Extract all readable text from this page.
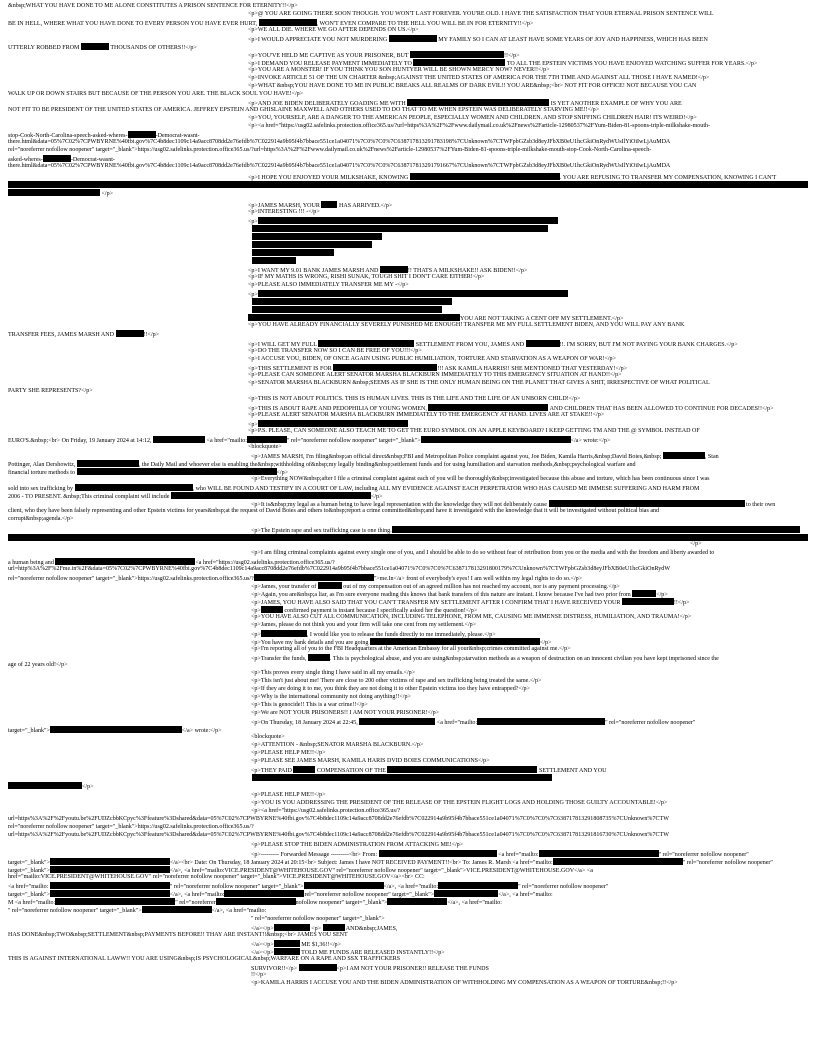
&nbsp;WHAT YOU HAVE DONE TO ME ALONE CONSTITUTES A PRISON SENTENCE FOR ETERNITY!!</p>

<p>@ YOU ARE GOING THERE SOON THOUGH. YOU WON'T LAST FOREVER. YOU'RE OLD. I HAVE THE SATISFACTION THAT YOUR ETERNAL PRISON SENTENCE WILL

BE IN HELL, WHERE WHAT YOU HAVE DONE TO EVERY PERSON YOU HAVE EVER HURT,	, WON'T EVEN COMPARE TO THE HELL YOU WILL BE IN FOR ETERNITY!!</p>

<p>WE ALL DIE. WHERE WE GO AFTER DEPENDS ON US.</p>

<p>I WOULD APPRECIATE YOU NOT MURDERING	MY FAMILY SO I CAN AT LEAST HAVE SOME YEARS OF JOY AND HAPPINESS, WHICH HAS BEEN

UTTERLY ROBBED FROM	THOUSANDS OF OTHERS!!</p>

<p>YOU'VE HELD ME CAPTIVE AS YOUR PRISONER, BUT	!!</p>

<p>I DEMAND YOU RELEASE PAYMENT IMMEDIATELY TO	TO ALL THE EPSTEIN VICTIMS YOU HAVE ENJOYED WATCHING SUFFER FOR YEARS.</p>

<p>YOU ARE A MONSTER! IF YOU THINK YOU SON HUNTYER WILL BE SHOWN MERCY NOW? NEVER!!</p>

<p>INVOKE ARTICLE 51 OF THE UN CHARTER &nbsp;AGAINST THE UNITED STATES OF AMERICA FOR THE 7TH TIME AND AGAINST ALL THOSE I HAVE NAMED!</p>

<p>WHAT &nbsp;YOU HAVE DONE TO ME IN PUBLIC BREAKS ALL REALMS OF DARK EVIL!! YOU ARE&nbsp;<br> NOT FIT FOR OFFICE! NOT BECAUSE YOU CAN

WALK UP OR DOWN STAIRS BUT BECAUSE OF THE PERSON YOU ARE. THE BLACK SOUL YOU HAVE!</p>

<p>AND JOE BIDEN DELIBERATELY GOADING ME WITH	IS YET ANOTHER EXAMPLE OF WHY YOU ARE

NOT FIT TO BE PRESIDENT OF THE UNITED STATES OF AMERICA. JEFFREY EPSTEIN AND GHISLAINE MAXWELL AND OTHERS USED TO DO THAT TO ME WHEN EPSTEIN WAS DELIBERATELY STARVING ME!!</p>

<p>YOU, YOURSELF, ARE A DANGER TO THE AMERICAN PEOPLE, ESPECIALLY WOMEN AND CHILDREN. AND STOP SNIFFING CHILDREN HAIR! ITS WEIRD!</p>

<p><a href="https://usg02.safelinks.protection.office365.us/?url=https%3A%2F%2Fwww.dailymail.co.uk%2Fnews%2Farticle-12980537%2FYum-Biden-81-spoons-triple-milkshake-mouth-

stop-Cook-North-Carolina-speech-asked-wheres-	-Democrat-wasnt-

there.html&data=05%7C02%7CPWBYRNE%40fbi.gov%7C4b8dec1109c14a9acc8708dd2e76efdb%7C022914a9b95f4b7bbace551ce1a04071%7C0%7C0%7C638717813291783198%7CUnknown%7CTWFpbGZsb3d8eyJFbXB0eU1hcGkiOnRydWUsIlYiOiIwLjAuMDA

rel="noreferrer nofollow noopener" target="_blank">https://usg02.safelinks.protection.office365.us/?url=https%3A%2F%2Fwww.dailymail.co.uk%2Fnews%2Farticle-12980537%2FYum-Biden-81-spoons-triple-milkshake-mouth-stop-Cook-North-Carolina-speech-

asked-wheres-	-Democrat-wasnt-

there.html&data=05%7C02%7CPWBYRNE%40fbi.gov%7C4b8dec1109c14a9acc8708dd2e76efdb%7C022914a9b95f4b7bbace551ce1a04071%7C0%7C0%7C638717813291791667%7CUnknown%7CTWFpbGZsb3d8eyJFbXB0eU1hcGkiOnRydWUsIlYiOiIwLjAuMDA

<p>I HOPE YOU ENJOYED YOUR MILKSHAKE, KNOWING	. YOU ARE REFUSING TO TRANSFER MY COMPENSATION, KNOWING I CAN'T

</p>

<p>JAMES MARSH, YOUR	HAS ARRIVED.</p>

<p>INTERESTING !!! -</p>

<p>

<p>I WANT MY 9.01 BANK JAMES MARSH AND	!! THATS A MILKSHAKE!! ASK BIDEN!!</p>

<p>IF MY MATHS IS WRONG, RISHI SUNAK, TOUGH SHIT I DON'T CARE EITHER!</p>

<p>PLEASE ALSO IMMEDIATELY TRANSFER ME MY -</p>

<p>

YOU ARE NOT TAKING A CENT OFF MY SETTLEMENT.</p>

<p>YOU HAVE ALREADY FINANCIALLY SEVERELY PUNISHED ME ENOUGH! TRANSFER ME MY FULL SETTLEMENT BIDEN, AND YOU WILL PAY ANY BANK

TRANSFER FEES, JAMES MARSH AND	!!</p>

<p>I WILL GET MY FULL	SETTLEMENT FROM YOU, JAMES AND	!!. I'M SORRY, BUT I'M NOT PAYING YOUR BANK CHARGES.</p>

<p>DO THE TRANSFER NOW SO I CAN BE FREE OF YOU!!!</p>

<p>I ACCUSE YOU, BIDEN, OF ONCE AGAIN USING PUBLIC HUMILIATION, TORTURE AND STARVATION AS A WEAPON OF WAR!</p>

<p>THIS SETTLEMENT IS FOR	!!! ASK KAMILA HARRIS!! SHE MENTIONED THAT YESTERDAY!</p>

<p>PLEASE CAN SOMEONE ALERT SENATOR MARSHA BLACKBURN IMMEDIATELY TO THIS EMERGENCY SITUATION AT HAND!!</p>

<p>SENATOR MARSHA BLACKBURN &nbsp;SEEMS AS IF SHE IS THE ONLY HUMAN BEING ON THE PLANET THAT GIVES A SHIT, IRRESPECTIVE OF WHAT POLITICAL

PARTY SHE REPRESENTS?</p>

<p>THIS IS NOT ABOUT POLITICS. THIS IS HUMAN LIVES. THIS IS THE LIFE AND THE LIFE OF AN UNBORN CHILD!</p>

<p>THIS IS ABOUT RAPE AND PEDOPHILIA OF YOUNG WOMEN,	AND CHILDREN THAT HAS BEEN ALLOWED TO CONTINUE FOR DECADES!!</p>

<p>PLEASE ALERT SENATOR MARSHA BLACKBURN IMMEDIATELY TO THE EMERGENCY AT HAND. LIVES ARE AT STAKE!!</p>

<p>

<p>P.S. PLEASE, CAN SOMEONE ALSO TEACH ME TO GET THE EURO SYMBOL ON AN APPLE KEYBOARD? I KEEP GETTING TM AND THE @ SYMBOL INSTEAD OF

EURO'S.&nbsp;<br> On Friday, 19 January 2024 at 14:12,	<a href="mailto:	" rel="noreferrer nofollow noopener" target="_blank">	</a> wrote:</p>

<blockquote>

<p>JAMES MARSH, I'm filing&nbsp;an official direct&nbsp;FBI and Metropolitan Police complaint against you, Joe Biden, Kamila Harris,&nbsp;David Boies,&nbsp;	, Stan

Pottinger, Alan Dershowitz,	, the Daily Mail and whoever else is enabling the&nbsp;withholding of&nbsp;my legally binding&nbsp;settlement funds and for using humiliation and starvation methods,&nbsp;psychological warfare and

financial torture methods to	</p>

<p>Everything NOW&nbsp;after I file a criminal complaint against each of you will be thoroughly&nbsp;investigated because this abuse and torture, which has been continuous since I was

sold into sex trafficking by	, who WILL BE FOUND AND TESTIFY IN A COURT OF LAW, including ALL MY EVIDENCE AGAINST EACH PERPETRATOR WHO HAS CAUSED ME IMMESE SUFFERING AND HARM FROM

2006 - TO PRESENT. &nbsp;This criminal complaint will include	</p>

<p>It is&nbsp;my legal as a human being to have legal representation with the knowledge they will not deliberately cause	to their own

client, who they have been falsely representing and other Epstein victims for years&nbsp;at the request of David Boies and others to&nbsp;report a crime committed&nbsp;and have it investigated with the knowledge that it will be investigated without political bias and

corrupt&nbsp;agenda.</p>

<p>The Epstein rape and sex trafficking case is one thing.

</p>

<p>I am filing criminal complaints against every single one of you, and I should be able to do so without fear of retribution from you or the media and with the freedom and liberty awarded to

a human being and	<a href="https://usg02.safelinks.protection.office365.us/?

url=http%3A%2F%2Fme.in%2F&data=05%7C02%7CPWBYRNE%40fbi.gov%7C4b8dec1109c14a9acc8708dd2e76efdb%7C022914a9b95f4b7bbace551ce1a04071%7C0%7C0%7C638717813291800179%7CUnknown%7CTWFpbGZsb3d8eyJFbXB0eU1hcGkiOnRydW

rel="noreferrer nofollow noopener" target="_blank">https://usg02.safelinks.protection.office365.us/?	">me.In</a> front of everybody's eyes! I am well within my legal rights to do so.</p>

<p>James, your transfer of	out of my compensation out of an agreed million has not reached my account, nor is any payment processing.</p>

<p>Again, you are&nbsp;a liar, as I'm sure everyone reading this knows that bank transfers of this nature are instant. I know because I've had two prior from	</p>

<p>JAMES, YOU HAVE ALSO SAID THAT YOU CAN'T TRANSFER MY SETTLEMENT AFTER I CONFIRM THAT I HAVE RECEIVED YOUR	!!</p>

<p>	confirmed payment is instant because I specifically asked her the question!</p>

<p>YOU HAVE ALSO CUT ALL COMMUNICATION, INCLUDING TELEPHONE, FROM ME, CAUSING ME IMMENSE DISTRESS, HUMILIATION, AND TRAUMA!</p>

<p>James, please do not think you and your firm will take one cent from my settlement.</p>

<p>	, I would like you to release the funds directly to me immediately, please.</p>

<p>You have my bank details and you are going	</p>

<p>I'm reporting all of you to the FBI Headquarters at the American Embassy for all your&nbsp;crimes committed against me.</p>

<p>Transfer the funds,	. This is psychological abuse, and you are using&nbsp;starvation methods as a weapon of destruction on an innocent civilian you have kept imprisoned since the

age of 22 years old!</p>

<p>This proves every single thing I have said in all my emails.</p>

<p>This isn't just about me! There are close to 200 other victims of rape and sex trafficking being treated the same.</p>

<p>If they are doing it to me, you think they are not doing it to other Epstein victims too they have entrapped?</p>

<p>Why is the international community not doing anything!!</p>

<p>This is genocide!! This is a war crime!!</p>

<p>We are NOT YOUR PRISONERS!! I AM NOT YOUR PRISONER!</p>

<p>On Thursday, 18 January 2024 at 22:45,	<a href="mailto:	" rel="noreferrer nofollow noopener"

target="_blank">	</a> wrote:</p>

<blockquote>

<p>ATTENTION - &nbsp;SENATOR MARSHA BLACKBURN.</p>

<p>PLEASE HELP ME!!</p>

<p>PLEASE SEE JAMES MARSH, KAMILA HARIS DVID BOIES COMMUNICATIONS</p>

<p>THEY PAID	COMPENSATION OF THE	SETTLEMENT AND YOU

</p>

<p>PLEASE HELP ME!!</p>

<p>YOU IS YOU ADDRESSING THE PRESIDENT OF THE RELEASE OF THE EPSTEIN FLIGHT LOGS AND HOLDING THOSE GUILTY ACCOUNTABLE!</p>

<p><a href="https://usg02.safelinks.protection.office365.us/?

url=https%3A%2F%2Fyoutu.be%2FUDZcbbKCpyc%3Ffeature%3Dshared&data=05%7C02%7CPWBYRNE%40fbi.gov%7C4b8dec1109c14a9acc8708dd2e76efdb%7C022914a9b95f4b7bbace551ce1a04071%7C0%7C0%7C638717813291808735%7CUnknown%7CTW

rel="noreferrer nofollow noopener" target="_blank">https://usg02.safelinks.protection.office365.us/?

url=https%3A%2F%2Fyoutu.be%2FUDZcbbKCpyc%3Ffeature%3Dshared&data=05%7C02%7CPWBYRNE%40fbi.gov%7C4b8dec1109c14a9acc8708dd2e76efdb%7C022914a9b95f4b7bbace551ce1a04071%7C0%7C0%7C638717813291816730%7CUnknown%7CTW

<p>PLEASE STOP THE BIDEN ADMINISTRATION FROM ATTACKING ME!</p>

<p>--------- Forwarded Message ---------<br> From:	<a href="mailto:	" rel="noreferrer nofollow noopener"

target="_blank">	</a><br> Date: On Thursday, 18 January 2024 at 20:15<br> Subject: James I have NOT RECEIVED PAYMENT!!<br> To: James R. Marsh <a href="mailto:	" rel="noreferrer nofollow noopener"

target="_blank">	</a>, <a href="mailto:VICE.PRESIDENT@WHITEHOUSE.GOV" rel="noreferrer nofollow noopener" target="_blank">VICE.PRESIDENT@WHITEHOUSE.GOV</a> <a

href="mailto:VICE.PRESIDENT@WHITEHOUSE.GOV" rel="noreferrer nofollow noopener" target="_blank">VICE.PRESIDENT@WHITEHOUSE.GOV</a><br> CC:

<a href="mailto:	" rel="noreferrer nofollow noopener" target="_blank">	</a>, <a href="mailto:	" rel="noreferrer nofollow noopener"

target="_blank">	</a>, <a href="mailto:	rel="noreferrer nofollow noopener" target="_blank">	</a>, <a href="mailto:

M <a href="mailto:	" rel="noreferrer	nofollow noopener" target="_blank">	</a>, <a href="mailto:

" rel="noreferrer nofollow noopener" target="_blank">	</a>, <a href="mailto:

" rel="noreferrer nofollow noopener" target="_blank">

</a></p>	<p>	AND&nbsp;JAMES,

HAS DONE&nbsp;TWO&nbsp;SETTLEMENT&nbsp;PAYMENTS BEFORE!! THAY ARE INSTANT!!&nbsp;<br> JAMES YOU SENT

</a></p>	ME $1,36!!</p>

</a></p>	TOLD ME FUNDS ARE RELEASED INSTANTLY!!</p>

THIS IS AGAINST INTERNATIONAL LAWW!! YOU ARE USING&nbsp;IS PSYCHOLOGICAL&nbsp;WARFARE ON A RAPE AND SSX TRAFFICKERS

SURVIVOR!!</p>	<p>I AM NOT YOUR PRISONER!! RELEASE THE FUNDS

!!</p>

<p>KAMILA HARRIS I ACCUSE YOU AND THE BIDEN ADMINISTRATION OF WITHHOLDING MY COMPENSATION AS A WEAPON OF TORTURE&nbsp;!!</p>
